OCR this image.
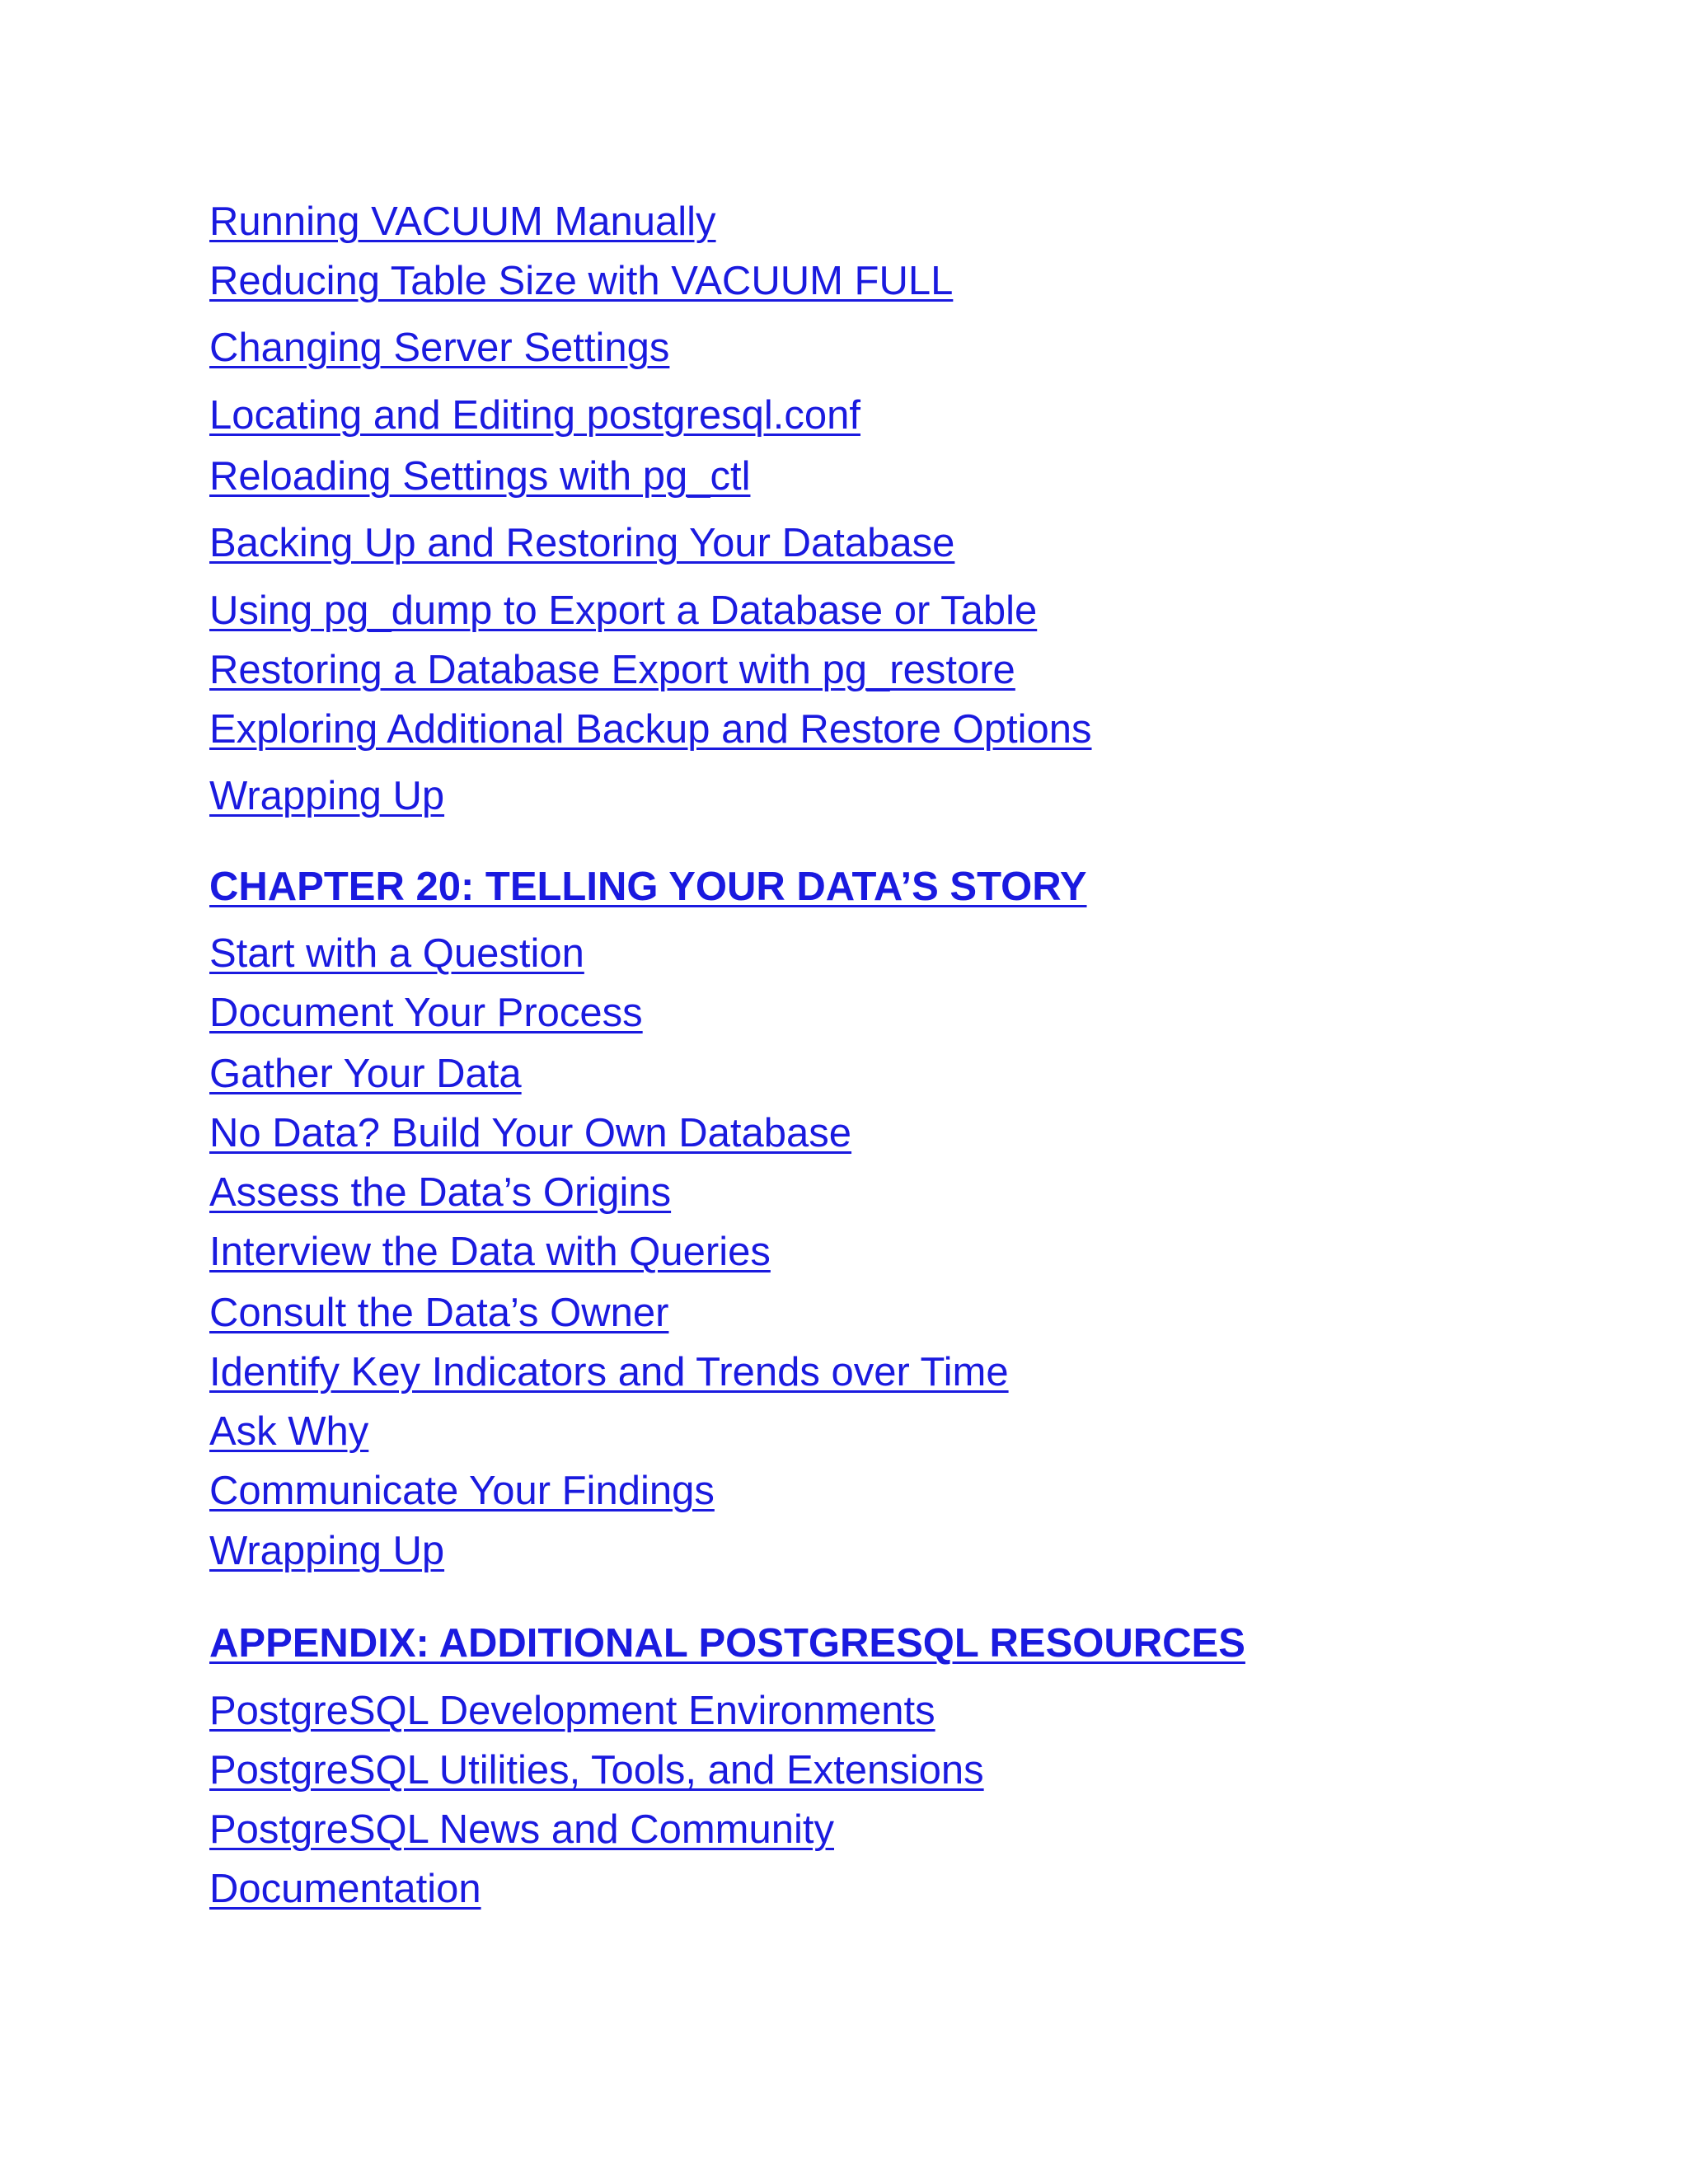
Running VACUUM Manually
Reducing Table Size with VACUUM FULL
Changing Server Settings
Locating and Editing postgresql.conf
Reloading Settings with pg_ctl
Backing Up and Restoring Your Database
Using pg_dump to Export a Database or Table
Restoring a Database Export with pg_restore
Exploring Additional Backup and Restore Options
Wrapping Up
CHAPTER 20: TELLING YOUR DATA’S STORY
Start with a Question
Document Your Process
Gather Your Data
No Data? Build Your Own Database
Assess the Data’s Origins
Interview the Data with Queries
Consult the Data’s Owner
Identify Key Indicators and Trends over Time
Ask Why
Communicate Your Findings
Wrapping Up
APPENDIX: ADDITIONAL POSTGRESQL RESOURCES
PostgreSQL Development Environments
PostgreSQL Utilities, Tools, and Extensions
PostgreSQL News and Community
Documentation
